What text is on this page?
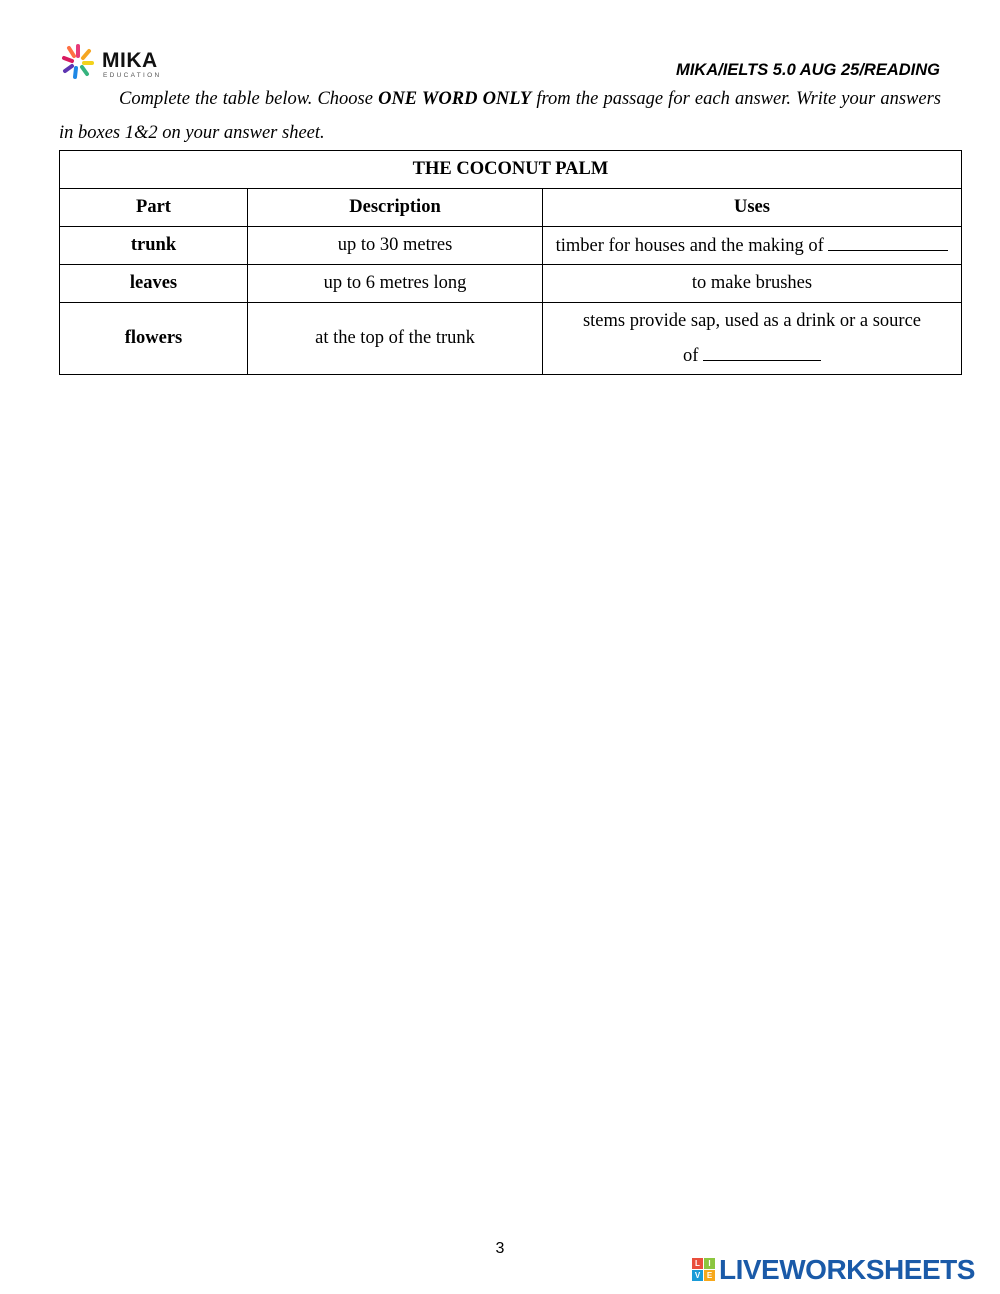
MIKA
EDUCATION	MIKA/IELTS 5.0 AUG 25/READING
Complete the table below. Choose ONE WORD ONLY from the passage for each answer. Write your answers in boxes 1&2 on your answer sheet.
THE COCONUT PALM		
Part	Description	Uses
trunk	up to 30 metres	timber for houses and the making of
leaves	up to 6 metres long	to make brushes
flowers	at the top of the trunk	stems provide sap, used as a drink or a source
of
3
L	I
V E LIVEWORKSHEETS
